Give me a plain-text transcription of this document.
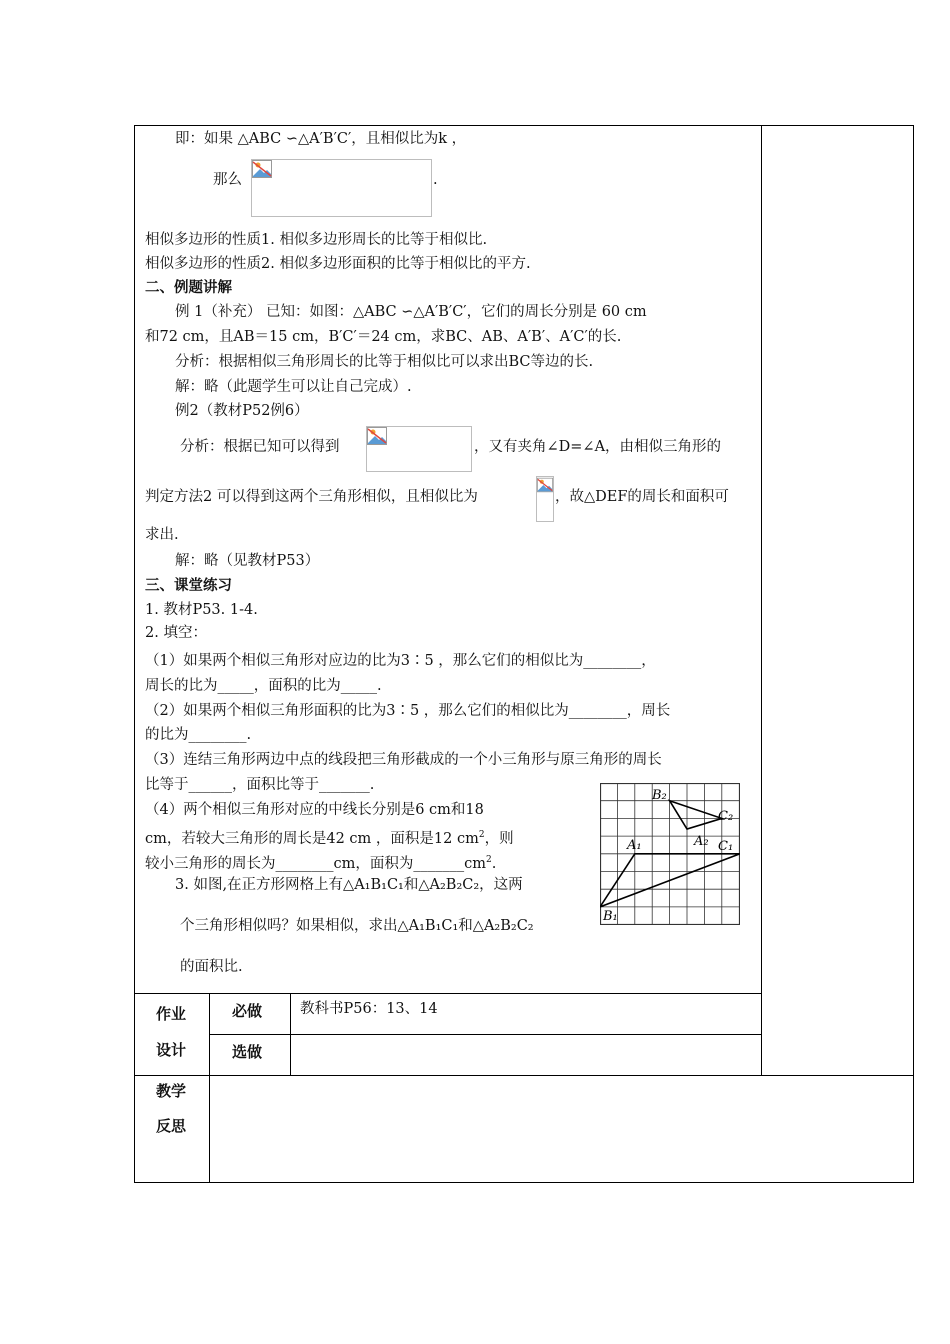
即：如果 △ABC ∽△A′B′C′，且相似比为k ，
那么	.
相似多边形的性质1. 相似多边形周长的比等于相似比.
相似多边形的性质2. 相似多边形面积的比等于相似比的平方.
二、例题讲解
例 1（补充） 已知：如图：△ABC ∽△A′B′C′，它们的周长分别是 60 cm
和72 cm，且AB＝15 cm，B′C′＝24 cm，求BC、AB、A′B′、A′C′的长.
分析：根据相似三角形周长的比等于相似比可以求出BC等边的长.
解：略（此题学生可以让自己完成）.
例2（教材P52例6）
分析：根据已知可以得到	，又有夹角∠D=∠A，由相似三角形的
判定方法2 可以得到这两个三角形相似，且相似比为	，故△DEF的周长和面积可
求出.
解：略（见教材P53）
三、课堂练习
1. 教材P53. 1-4.
2. 填空：
（1）如果两个相似三角形对应边的比为3∶5 ，那么它们的相似比为________，
周长的比为_____，面积的比为_____.
（2）如果两个相似三角形面积的比为3∶5 ，那么它们的相似比为________，周长
的比为________.
（3）连结三角形两边中点的线段把三角形截成的一个小三角形与原三角形的周长
比等于______，面积比等于_______.
（4）两个相似三角形对应的中线长分别是6 cm和18
cm，若较大三角形的周长是42 cm ，面积是12 $cm^2$，则
较小三角形的周长为________cm，面积为$\_\_\_\_\_\_\_cm^2$.
3. 如图,在正方形网格上有△A₁B₁C₁和△A₂B₂C₂，这两
个三角形相似吗？如果相似，求出△A₁B₁C₁和△A₂B₂C₂
的面积比.
B₂
C₂
A₂
A₁	C₁
B₁
作业
设计
必做	教科书P56：13、14
选做
教学
反思
